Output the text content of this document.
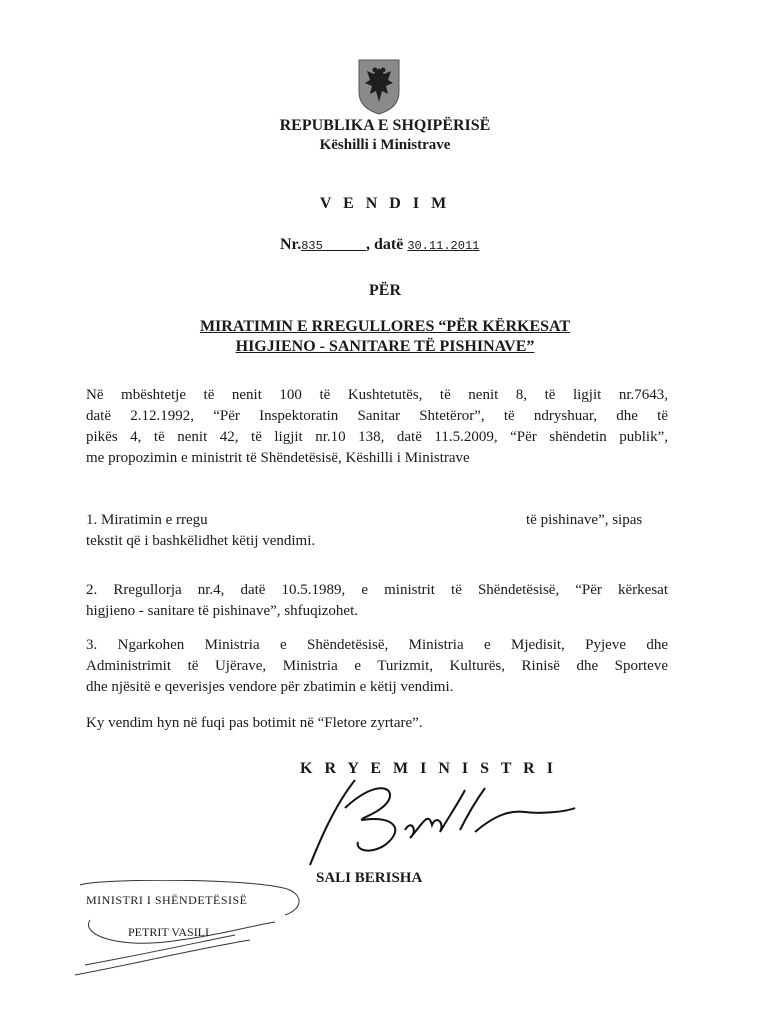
REPUBLIKA E SHQIPËRISË
Këshilli i Ministrave
V E N D I M
Nr.835	, datë 30.11.2011
PËR
MIRATIMIN E RREGULLORES “PËR KËRKESAT
HIGJIENO - SANITARE TË PISHINAVE”
Në mbështetje të nenit 100 të Kushtetutës, të nenit 8, të ligjit nr.7643,
datë 2.12.1992, “Për Inspektoratin Sanitar Shtetëror”, të ndryshuar, dhe të
pikës 4, të nenit 42, të ligjit nr.10 138, datë 11.5.2009, “Për shëndetin publik”,
me propozimin e ministrit të Shëndetësisë, Këshilli i Ministrave
1. Miratimin e rregu	të pishinave”, sipas
tekstit që i bashkëlidhet këtij vendimi.
2. Rregullorja nr.4, datë 10.5.1989, e ministrit të Shëndetësisë, “Për kërkesat
higjieno - sanitare të pishinave”, shfuqizohet.
3. Ngarkohen Ministria e Shëndetësisë, Ministria e Mjedisit, Pyjeve dhe
Administrimit të Ujërave, Ministria e Turizmit, Kulturës, Rinisë dhe Sporteve
dhe njësitë e qeverisjes vendore për zbatimin e këtij vendimi.
Ky vendim hyn në fuqi pas botimit në “Fletore zyrtare”.
K R Y E M I N I S T R I
SALI BERISHA
MINISTRI I SHËNDETËSISË
PETRIT VASILI
